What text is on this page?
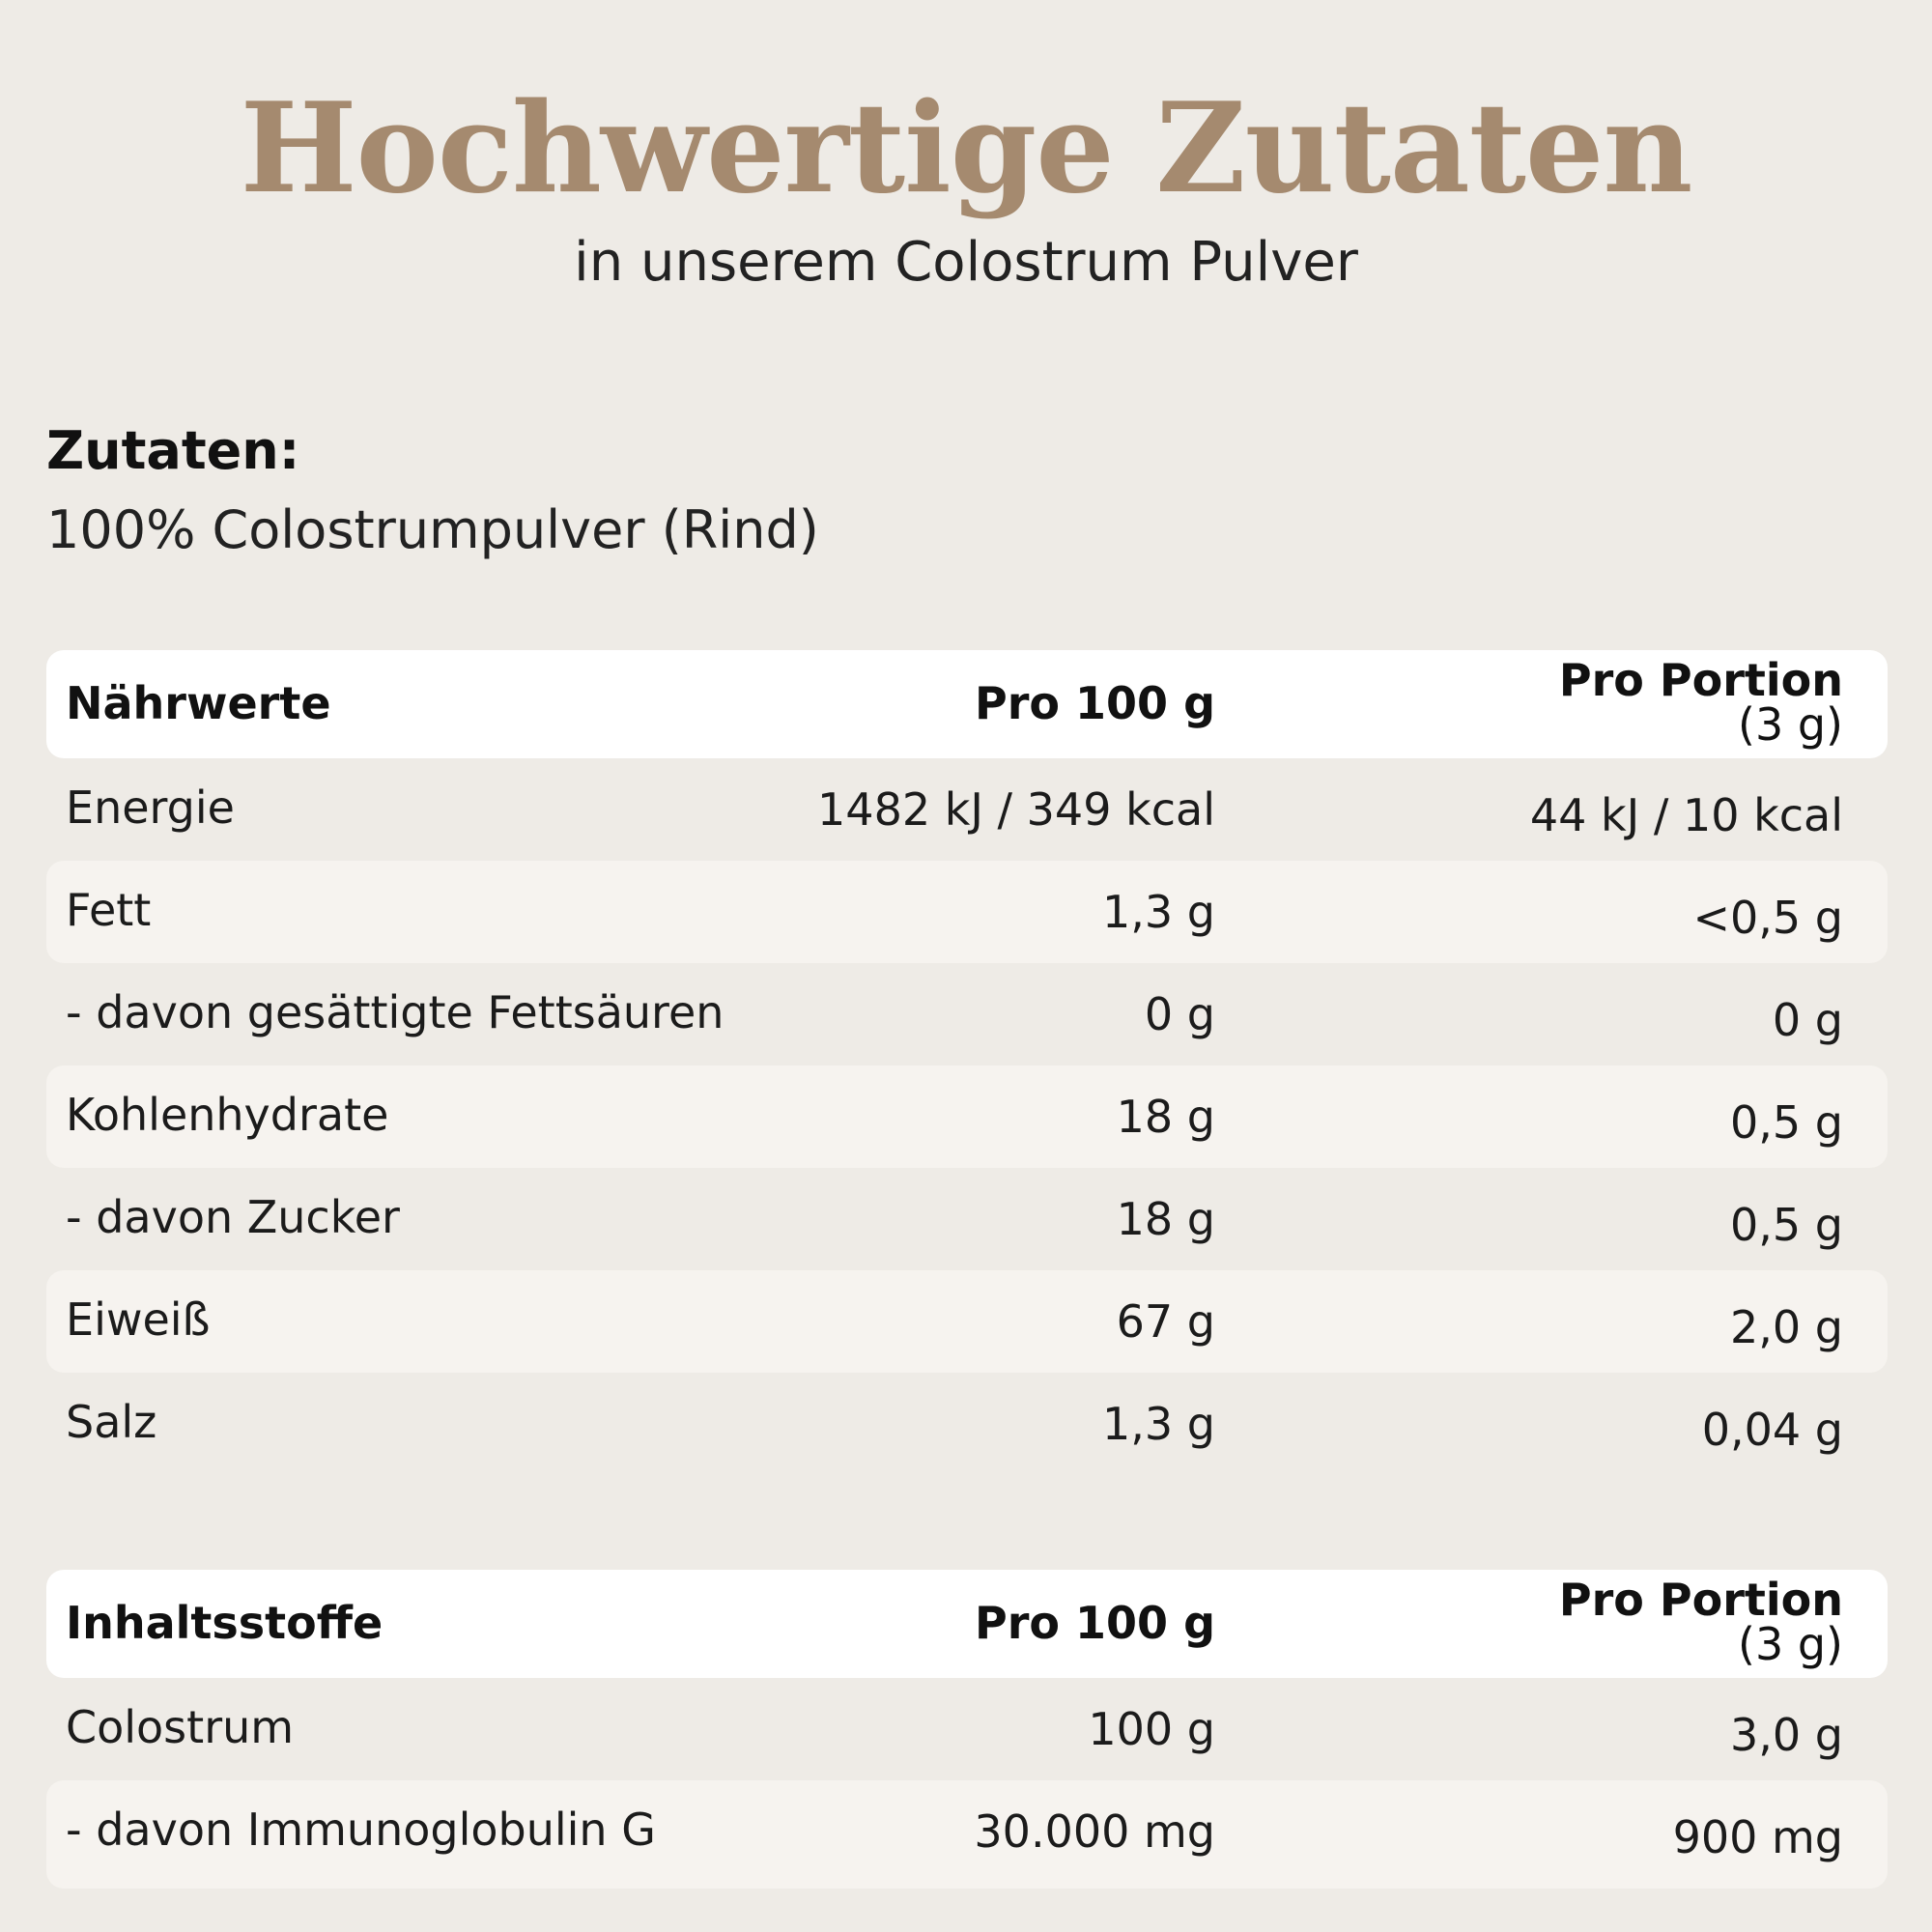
Hochwertige Zutaten
in unserem Colostrum Pulver
Zutaten:
100% Colostrumpulver (Rind)
Nährwerte	Pro 100 g	Pro Portion
(3 g)
Energie	1482 kJ / 349 kcal	44 kJ / 10 kcal
Fett	1,3 g	<0,5 g
- davon gesättigte Fettsäuren	0 g	0 g
Kohlenhydrate	18 g	0,5 g
- davon Zucker	18 g	0,5 g
Eiweiß	67 g	2,0 g
Salz	1,3 g	0,04 g
Inhaltsstoffe	Pro 100 g	Pro Portion
(3 g)
Colostrum	100 g	3,0 g
- davon Immunoglobulin G	30.000 mg	900 mg
